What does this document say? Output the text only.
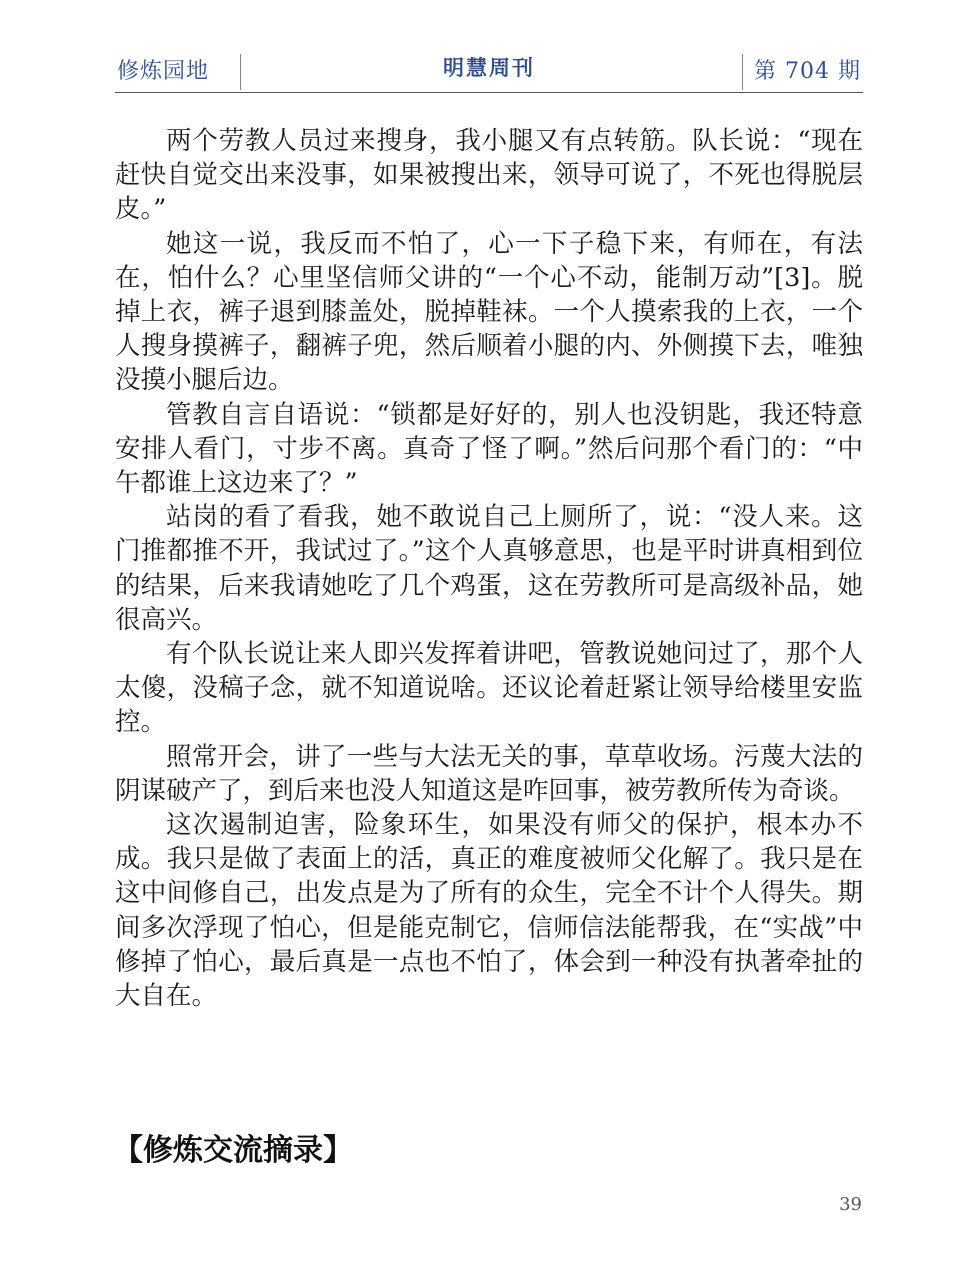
修炼园地	明慧周刊	第 704 期

两个劳教人员过来搜身，我小腿又有点转筋。队长说：“现在赶快自觉交出来没事，如果被搜出来，领导可说了，不死也得脱层皮。”

她这一说，我反而不怕了，心一下子稳下来，有师在，有法在，怕什么？心里坚信师父讲的“一个心不动，能制万动”[3]。脱掉上衣，裤子退到膝盖处，脱掉鞋袜。一个人摸索我的上衣，一个人搜身摸裤子，翻裤子兜，然后顺着小腿的内、外侧摸下去，唯独没摸小腿后边。

管教自言自语说：“锁都是好好的，别人也没钥匙，我还特意安排人看门，寸步不离。真奇了怪了啊。”然后问那个看门的：“中午都谁上这边来了？”

站岗的看了看我，她不敢说自己上厕所了，说：“没人来。这门推都推不开，我试过了。”这个人真够意思，也是平时讲真相到位的结果，后来我请她吃了几个鸡蛋，这在劳教所可是高级补品，她很高兴。

有个队长说让来人即兴发挥着讲吧，管教说她问过了，那个人太傻，没稿子念，就不知道说啥。还议论着赶紧让领导给楼里安监控。

照常开会，讲了一些与大法无关的事，草草收场。污蔑大法的阴谋破产了，到后来也没人知道这是咋回事，被劳教所传为奇谈。

这次遏制迫害，险象环生，如果没有师父的保护，根本办不成。我只是做了表面上的活，真正的难度被师父化解了。我只是在这中间修自己，出发点是为了所有的众生，完全不计个人得失。期间多次浮现了怕心，但是能克制它，信师信法能帮我，在“实战”中修掉了怕心，最后真是一点也不怕了，体会到一种没有执著牵扯的大自在。

【修炼交流摘录】
39
